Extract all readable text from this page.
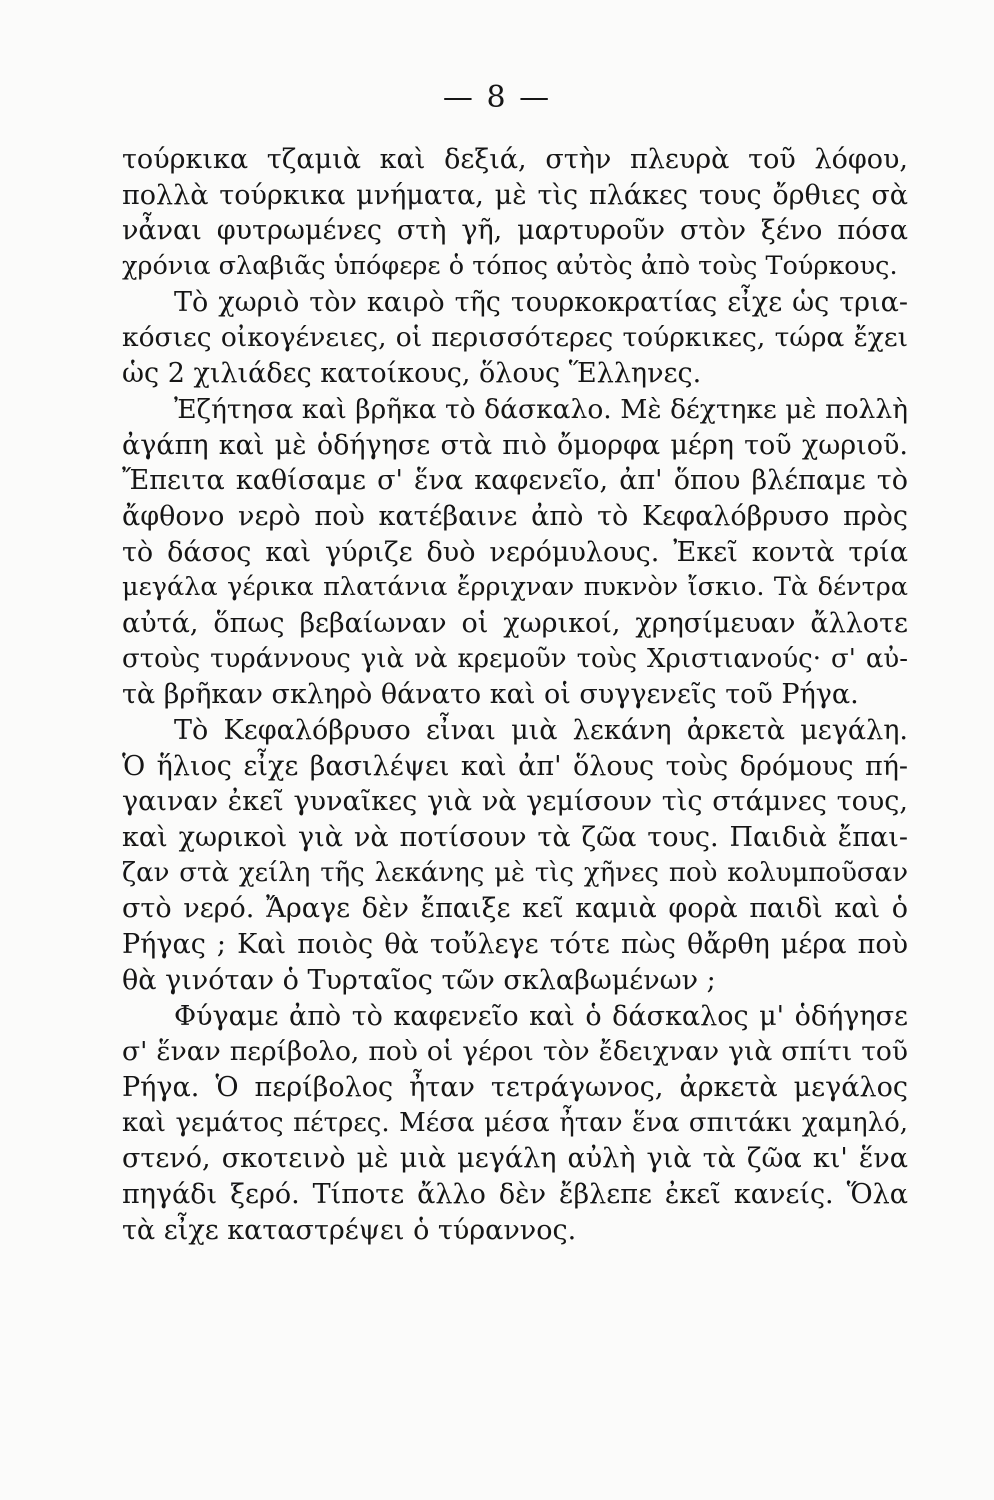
— 8 —
τούρκικα τζαμιὰ καὶ δεξιά, στὴν πλευρὰ τοῦ λόφου,
πολλὰ τούρκικα μνήματα, μὲ τὶς πλάκες τους ὄρθιες σὰ
νἆναι φυτρωμένες στὴ γῆ, μαρτυροῦν στὸν ξένο πόσα
χρόνια σλαβιᾶς ὑπόφερε ὁ τόπος αὐτὸς ἀπὸ τοὺς Τούρκους.
Τὸ χωριὸ τὸν καιρὸ τῆς τουρκοκρατίας εἶχε ὡς τρια-
κόσιες οἰκογένειες, οἱ περισσότερες τούρκικες, τώρα ἔχει
ὡς 2 χιλιάδες κατοίκους, ὅλους Ἕλληνες.
Ἐζήτησα καὶ βρῆκα τὸ δάσκαλο. Μὲ δέχτηκε μὲ πολλὴ
ἀγάπη καὶ μὲ ὁδήγησε στὰ πιὸ ὄμορφα μέρη τοῦ χωριοῦ.
Ἔπειτα καθίσαμε σ' ἕνα καφενεῖο, ἀπ' ὅπου βλέπαμε τὸ
ἄφθονο νερὸ ποὺ κατέβαινε ἀπὸ τὸ Κεφαλόβρυσο πρὸς
τὸ δάσος καὶ γύριζε δυὸ νερόμυλους. Ἐκεῖ κοντὰ τρία
μεγάλα γέρικα πλατάνια ἔρριχναν πυκνὸν ἴσκιο. Τὰ δέντρα
αὐτά, ὅπως βεβαίωναν οἱ χωρικοί, χρησίμευαν ἄλλοτε
στοὺς τυράννους γιὰ νὰ κρεμοῦν τοὺς Χριστιανούς· σ' αὐ-
τὰ βρῆκαν σκληρὸ θάνατο καὶ οἱ συγγενεῖς τοῦ Ρήγα.
Τὸ Κεφαλόβρυσο εἶναι μιὰ λεκάνη ἀρκετὰ μεγάλη.
Ὁ ἥλιος εἶχε βασιλέψει καὶ ἀπ' ὅλους τοὺς δρόμους πή-
γαιναν ἐκεῖ γυναῖκες γιὰ νὰ γεμίσουν τὶς στάμνες τους,
καὶ χωρικοὶ γιὰ νὰ ποτίσουν τὰ ζῶα τους. Παιδιὰ ἔπαι-
ζαν στὰ χείλη τῆς λεκάνης μὲ τὶς χῆνες ποὺ κολυμποῦσαν
στὸ νερό. Ἄραγε δὲν ἔπαιξε κεῖ καμιὰ φορὰ παιδὶ καὶ ὁ
Ρήγας ; Καὶ ποιὸς θὰ τοὔλεγε τότε πὼς θἄρθη μέρα ποὺ
θὰ γινόταν ὁ Τυρταῖος τῶν σκλαβωμένων ;
Φύγαμε ἀπὸ τὸ καφενεῖο καὶ ὁ δάσκαλος μ' ὁδήγησε
σ' ἕναν περίβολο, ποὺ οἱ γέροι τὸν ἔδειχναν γιὰ σπίτι τοῦ
Ρήγα. Ὁ περίβολος ἦταν τετράγωνος, ἀρκετὰ μεγάλος
καὶ γεμάτος πέτρες. Μέσα μέσα ἦταν ἕνα σπιτάκι χαμηλό,
στενό, σκοτεινὸ μὲ μιὰ μεγάλη αὐλὴ γιὰ τὰ ζῶα κι' ἕνα
πηγάδι ξερό. Τίποτε ἄλλο δὲν ἔβλεπε ἐκεῖ κανείς. Ὅλα
τὰ εἶχε καταστρέψει ὁ τύραννος.
